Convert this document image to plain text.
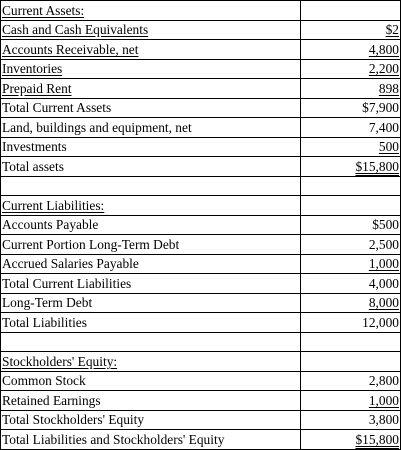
Current Assets:	
Cash and Cash Equivalents	$2
Accounts Receivable, net	4,800
Inventories	2,200
Prepaid Rent	898
Total Current Assets	$7,900
Land, buildings and equipment, net	7,400
Investments	500
Total assets	$15,800

Current Liabilities:	
Accounts Payable	$500
Current Portion Long-Term Debt	2,500
Accrued Salaries Payable	1,000
Total Current Liabilities	4,000
Long-Term Debt	8,000
Total Liabilities	12,000

Stockholders' Equity:	
Common Stock	2,800
Retained Earnings	1,000
Total Stockholders' Equity	3,800
Total Liabilities and Stockholders' Equity	$15,800
